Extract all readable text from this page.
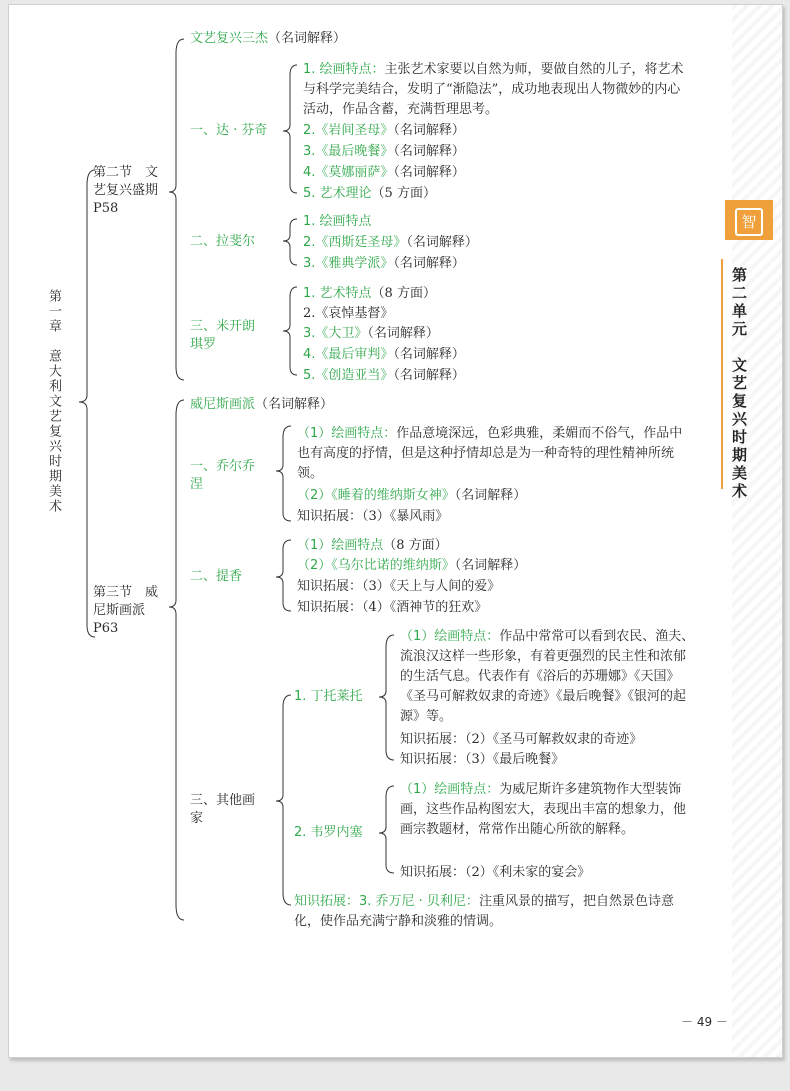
智
第二单元　文艺复兴时期美术
第一章　意大利文艺复兴时期美术
第二节　文
艺复兴盛期
P58
文艺复兴三杰（名词解释）
一、达 · 芬奇
1. 绘画特点：主张艺术家要以自然为师，要做自然的儿子，将艺术与科学完美结合，发明了“渐隐法”，成功地表现出人物微妙的内心活动，作品含蓄，充满哲理思考。
2.《岩间圣母》（名词解释）
3.《最后晚餐》（名词解释）
4.《莫娜丽萨》（名词解释）
5. 艺术理论（5 方面）
二、拉斐尔
1. 绘画特点
2.《西斯廷圣母》（名词解释）
3.《雅典学派》（名词解释）
三、米开朗
琪罗
1. 艺术特点（8 方面）
2.《哀悼基督》
3.《大卫》（名词解释）
4.《最后审判》（名词解释）
5.《创造亚当》（名词解释）
第三节　威
尼斯画派
P63
威尼斯画派（名词解释）
一、乔尔乔
涅
（1）绘画特点：作品意境深远，色彩典雅，柔媚而不俗气，作品中也有高度的抒情，但是这种抒情却总是为一种奇特的理性精神所统领。
（2）《睡着的维纳斯女神》（名词解释）
知识拓展：（3）《暴风雨》
二、提香
（1）绘画特点（8 方面）
（2）《乌尔比诺的维纳斯》（名词解释）
知识拓展：（3）《天上与人间的爱》
知识拓展：（4）《酒神节的狂欢》
三、其他画
家
1. 丁托莱托
（1）绘画特点：作品中常常可以看到农民、渔夫、流浪汉这样一些形象，有着更强烈的民主性和浓郁的生活气息。代表作有《浴后的苏珊娜》《天国》《圣马可解救奴隶的奇迹》《最后晚餐》《银河的起源》等。
知识拓展：（2）《圣马可解救奴隶的奇迹》
知识拓展：（3）《最后晚餐》
2. 韦罗内塞
（1）绘画特点：为威尼斯许多建筑物作大型装饰画，这些作品构图宏大，表现出丰富的想象力，他画宗教题材，常常作出随心所欲的解释。
知识拓展：（2）《利未家的宴会》
知识拓展：3. 乔万尼 · 贝利尼：注重风景的描写，把自然景色诗意化，使作品充满宁静和淡雅的情调。
－ 49 －
